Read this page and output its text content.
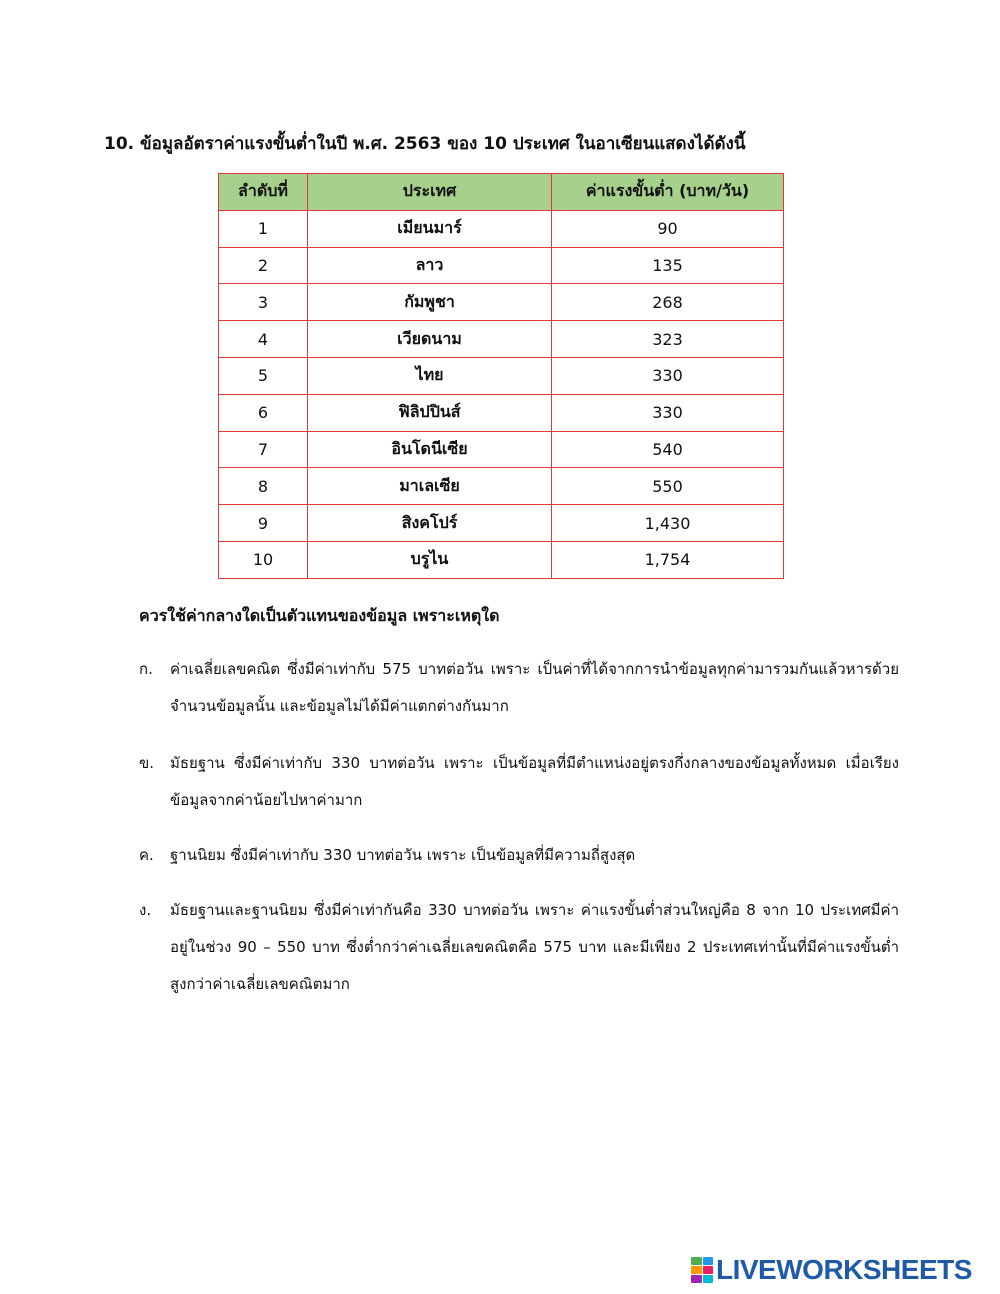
10. ข้อมูลอัตราค่าแรงขั้นต่ำในปี พ.ศ. 2563 ของ 10 ประเทศ ในอาเซียนแสดงได้ดังนี้
ลำดับที่	ประเทศ	ค่าแรงขั้นต่ำ (บาท/วัน)
1	เมียนมาร์	90
2	ลาว	135
3	กัมพูชา	268
4	เวียดนาม	323
5	ไทย	330
6	ฟิลิปปินส์	330
7	อินโดนีเซีย	540
8	มาเลเซีย	550
9	สิงคโปร์	1,430
10	บรูไน	1,754
ควรใช้ค่ากลางใดเป็นตัวแทนของข้อมูล เพราะเหตุใด
ก. ค่าเฉลี่ยเลขคณิต ซึ่งมีค่าเท่ากับ 575 บาทต่อวัน เพราะ เป็นค่าที่ได้จากการนำข้อมูลทุกค่ามารวมกันแล้วหารด้วยจำนวนข้อมูลนั้น และข้อมูลไม่ได้มีค่าแตกต่างกันมาก
ข. มัธยฐาน ซึ่งมีค่าเท่ากับ 330 บาทต่อวัน เพราะ เป็นข้อมูลที่มีตำแหน่งอยู่ตรงกึ่งกลางของข้อมูลทั้งหมด เมื่อเรียงข้อมูลจากค่าน้อยไปหาค่ามาก
ค. ฐานนิยม ซึ่งมีค่าเท่ากับ 330 บาทต่อวัน เพราะ เป็นข้อมูลที่มีความถี่สูงสุด
ง. มัธยฐานและฐานนิยม ซึ่งมีค่าเท่ากันคือ 330 บาทต่อวัน เพราะ ค่าแรงขั้นต่ำส่วนใหญ่คือ 8 จาก 10 ประเทศมีค่าอยู่ในช่วง 90 – 550 บาท ซึ่งต่ำกว่าค่าเฉลี่ยเลขคณิตคือ 575 บาท และมีเพียง 2 ประเทศเท่านั้นที่มีค่าแรงขั้นต่ำสูงกว่าค่าเฉลี่ยเลขคณิตมาก
LIVEWORKSHEETS
